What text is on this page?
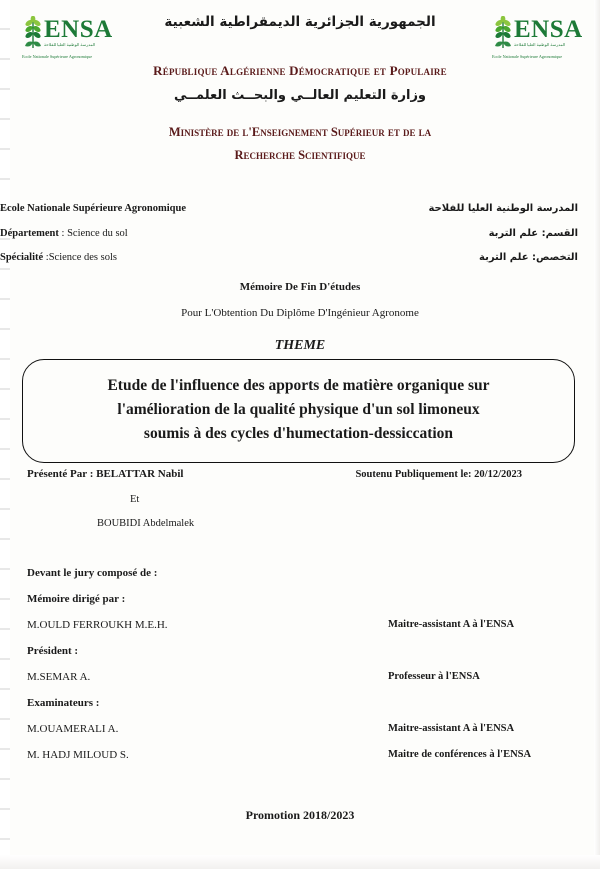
ENSA
المدرسة الوطنية العليا للفلاحة
Ecole Nationale Supérieure Agronomique
ENSA
المدرسة الوطنية العليا للفلاحة
Ecole Nationale Supérieure Agronomique
الجمهورية الجزائرية الديمقراطية الشعبية
République Algérienne Démocratique et Populaire
وزارة التعليم العالــي والبحــث العلمــي
Ministère de l'Enseignement Supérieur et de la
Recherche Scientifique
Ecole Nationale Supérieure Agronomique	المدرسة الوطنية العليا للفلاحة
Département : Science du sol	القسم: علم التربة
Spécialité :Science des sols	التخصص: علم التربة
Mémoire De Fin D'études
Pour L'Obtention Du Diplôme D'Ingénieur Agronome
THEME
Etude de l'influence des apports de matière organique sur
l'amélioration de la qualité physique d'un sol limoneux
soumis à des cycles d'humectation-dessiccation
Présenté Par : BELATTAR Nabil
Et
BOUBIDI Abdelmalek
Soutenu Publiquement le: 20/12/2023
Devant le jury composé de :
Mémoire dirigé par :
M.OULD FERROUKH M.E.H.	Maitre-assistant A à l'ENSA
Président :
M.SEMAR A.	Professeur à l'ENSA
Examinateurs :
M.OUAMERALI A.	Maitre-assistant A à l'ENSA
M. HADJ MILOUD S.	Maitre de conférences à l'ENSA
Promotion 2018/2023
